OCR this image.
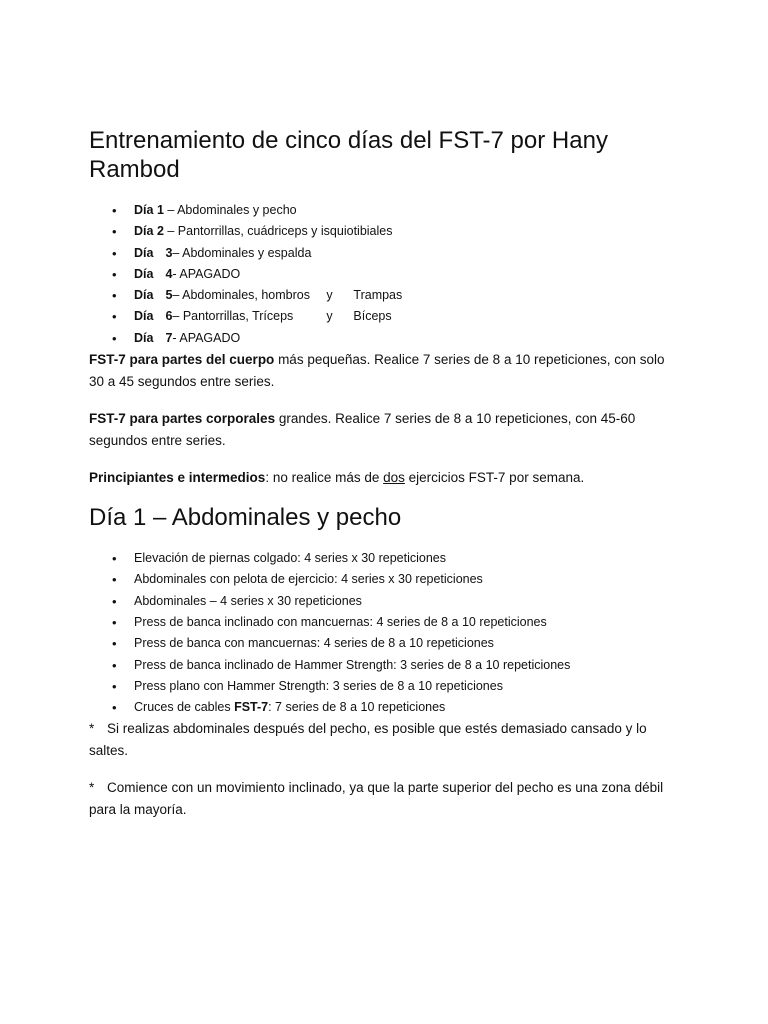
Entrenamiento de cinco días del FST-7 por Hany Rambod
• Día 1 – Abdominales y pecho
• Día 2 – Pantorrillas, cuádriceps y isquiotibiales
• Día 3– Abdominales y espalda
• Día 4- APAGADO
• Día 5– Abdominales, hombros y Trampas
• Día 6– Pantorrillas, Tríceps	y Bíceps
• Día 7- APAGADO

FST-7 para partes del cuerpo más pequeñas. Realice 7 series de 8 a 10 repeticiones, con solo 30 a 45 segundos entre series.

FST-7 para partes corporales grandes. Realice 7 series de 8 a 10 repeticiones, con 45-60 segundos entre series.

Principiantes e intermedios: no realice más de dos ejercicios FST-7 por semana.

Día 1 – Abdominales y pecho
• Elevación de piernas colgado: 4 series x 30 repeticiones
• Abdominales con pelota de ejercicio: 4 series x 30 repeticiones
• Abdominales – 4 series x 30 repeticiones
• Press de banca inclinado con mancuernas: 4 series de 8 a 10 repeticiones
• Press de banca con mancuernas: 4 series de 8 a 10 repeticiones
• Press de banca inclinado de Hammer Strength: 3 series de 8 a 10 repeticiones
• Press plano con Hammer Strength: 3 series de 8 a 10 repeticiones
• Cruces de cables FST-7: 7 series de 8 a 10 repeticiones

* Si realizas abdominales después del pecho, es posible que estés demasiado cansado y lo saltes.

* Comience con un movimiento inclinado, ya que la parte superior del pecho es una zona débil para la mayoría.
